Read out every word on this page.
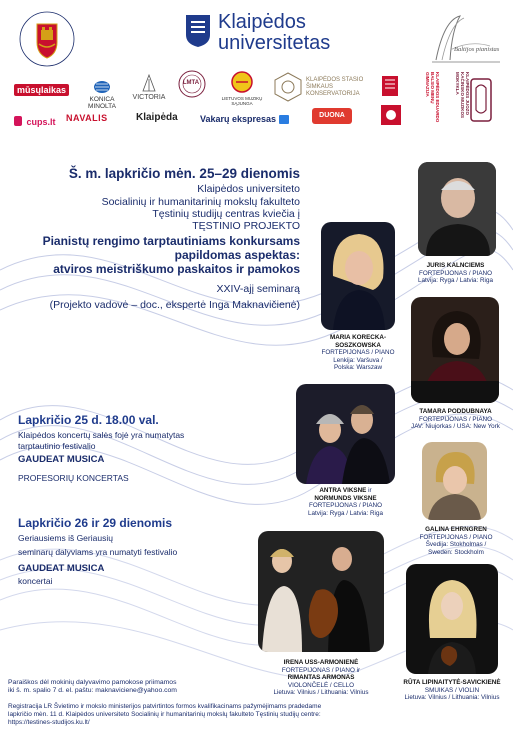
Klaipėdos
universitetas	Baltijos pianistas
mūsųlaikas
KONICA MINOLTA
VICTORIA
LMTA
LIETUVOS MUZIKŲ SĄJUNGA
KLAIPĖDOS STASIO ŠIMKAUS KONSERVATORIJA	KLAIPĖDOS EDUARDO BALSIO MENŲ GIMNAZIJA	KLAIPĖDOS JUOZO KAČINSKO MUZIKOS MOKYKLA
cups.lt NAVALIS	Klaipėda Vakarų ekspresas	DUONA
Š. m. lapkričio mėn. 25–29 dienomis
Klaipėdos universiteto
Socialinių ir humanitarinių mokslų fakulteto
Tęstinių studijų centras kviečia į
TĘSTINIO PROJEKTO
Pianistų rengimo tarptautiniams konkursams
papildomas aspektas:
atviros meistriškumo paskaitos ir pamokos
XXIV-ajį seminarą
(Projekto vadovė – doc., ekspertė Inga Maknavičienė)
Lapkričio 25 d. 18.00 val.
Klaipėdos koncertų salės fojė yra numatytas
tarptautinio festivalio
GAUDEAT MUSICA
PROFESORIŲ KONCERTAS
Lapkričio 26 ir 29 dienomis
Geriausiems iš Geriausių
seminarų dalyviams yra numatyti festivalio
GAUDEAT MUSICA
koncertai
JURIS KALNCIEMS
FORTEPIJONAS / PIANO
Latvija: Ryga / Latvia: Riga
MARIA KORECKA-
SOSZKOWSKA
FORTEPIJONAS / PIANO
Lenkija: Varšuva /
Polska: Warszaw
TAMARA PODDUBNAYA
FORTEPIJONAS / PIANO
JAV: Niujorkas / USA: New York
ANTRA VIKSNE ir
NORMUNDS VIKSNE
FORTEPIJONAS / PIANO
Latvija: Ryga / Latvia: Riga
GALINA EHRNGREN
FORTEPIJONAS / PIANO
Švedija: Stokholmas /
Sweden: Stockholm
IRENA USS-ARMONIENĖ
FORTEPIJONAS / PIANO ir
RIMANTAS ARMONAS
VIOLONČELĖ / CELLO
Lietuva: Vilnius / Lithuania: Vilnius
RŪTA LIPINAITYTĖ-SAVICKIENĖ
SMUIKAS / VIOLIN
Lietuva: Vilnius / Lithuania: Vilnius
Paraiškos dėl mokinių dalyvavimo pamokose priimamos
iki š. m. spalio 7 d. el. paštu: maknaviciene@yahoo.com
Registracija LR Švietimo ir mokslo ministerijos patvirtintos formos kvalifikacinams pažymėjimams pradedame
lapkričio mėn. 11 d. Klaipėdos universiteto Socialinių ir humanitarinių mokslų fakulteto Tęstinių studijų centre:
https://testines-studijos.ku.lt/
